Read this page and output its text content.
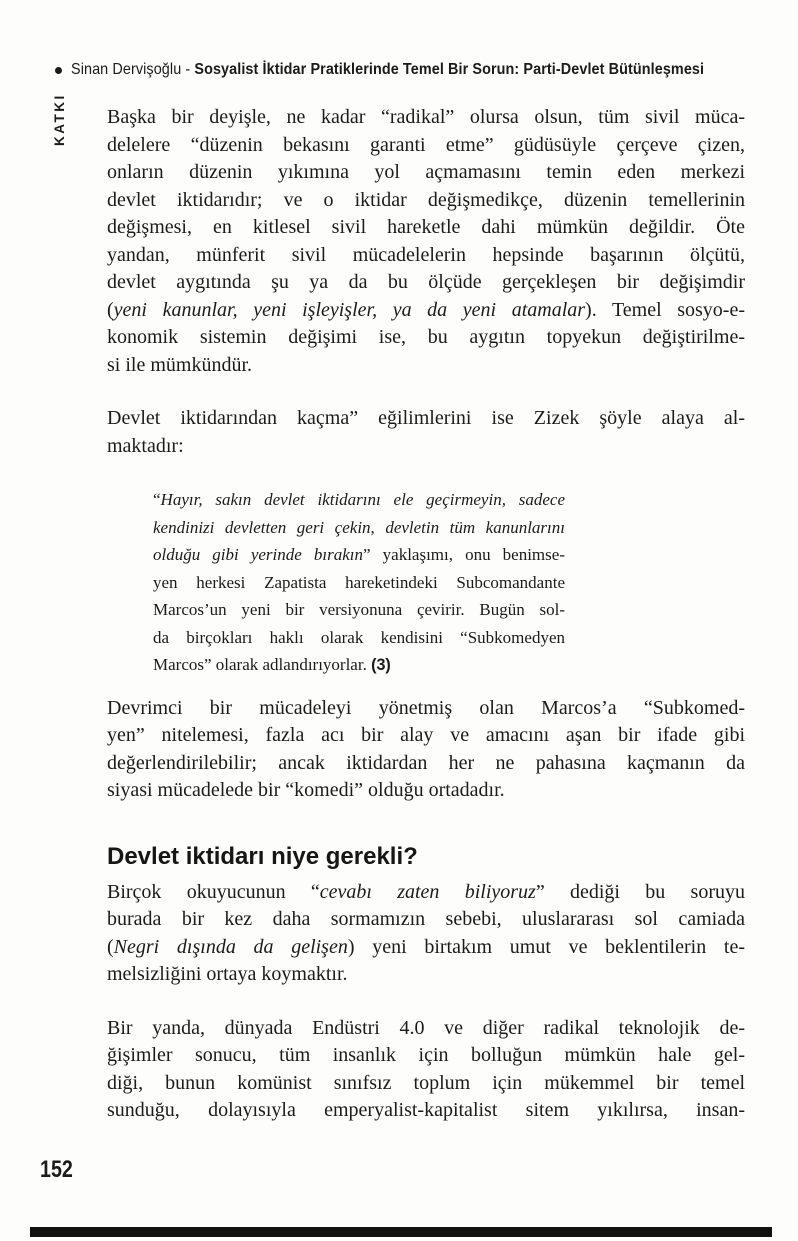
Sinan Dervişoğlu - Sosyalist İktidar Pratiklerinde Temel Bir Sorun: Parti-Devlet Bütünleşmesi
KATKI Başka bir deyişle, ne kadar “radikal” olursa olsun, tüm sivil müca-
delelere “düzenin bekasını garanti etme” güdüsüyle çerçeve çizen,
onların düzenin yıkımına yol açmamasını temin eden merkezi
devlet iktidarıdır; ve o iktidar değişmedikçe, düzenin temellerinin
değişmesi, en kitlesel sivil hareketle dahi mümkün değildir. Öte
yandan, münferit sivil mücadelelerin hepsinde başarının ölçütü,
devlet aygıtında şu ya da bu ölçüde gerçekleşen bir değişimdir
(yeni kanunlar, yeni işleyişler, ya da yeni atamalar). Temel sosyo-e-
konomik sistemin değişimi ise, bu aygıtın topyekun değiştirilme-
si ile mümkündür.
Devlet iktidarından kaçma” eğilimlerini ise Zizek şöyle alaya al-
maktadır:
“Hayır, sakın devlet iktidarını ele geçirmeyin, sadece
kendinizi devletten geri çekin, devletin tüm kanunlarını
olduğu gibi yerinde bırakın” yaklaşımı, onu benimse-
yen herkesi Zapatista hareketindeki Subcomandante
Marcos’un yeni bir versiyonuna çevirir. Bugün sol-
da birçokları haklı olarak kendisini “Subkomedyen
Marcos” olarak adlandırıyorlar. (3)
Devrimci bir mücadeleyi yönetmiş olan Marcos’a “Subkomed-
yen” nitelemesi, fazla acı bir alay ve amacını aşan bir ifade gibi
değerlendirilebilir; ancak iktidardan her ne pahasına kaçmanın da
siyasi mücadelede bir “komedi” olduğu ortadadır.
Devlet iktidarı niye gerekli?
Birçok okuyucunun “cevabı zaten biliyoruz” dediği bu soruyu
burada bir kez daha sormamızın sebebi, uluslararası sol camiada
(Negri dışında da gelişen) yeni birtakım umut ve beklentilerin te-
melsizliğini ortaya koymaktır.
Bir yanda, dünyada Endüstri 4.0 ve diğer radikal teknolojik de-
ğişimler sonucu, tüm insanlık için bolluğun mümkün hale gel-
diği, bunun komünist sınıfsız toplum için mükemmel bir temel
sunduğu, dolayısıyla emperyalist-kapitalist sitem yıkılırsa, insan-
152
